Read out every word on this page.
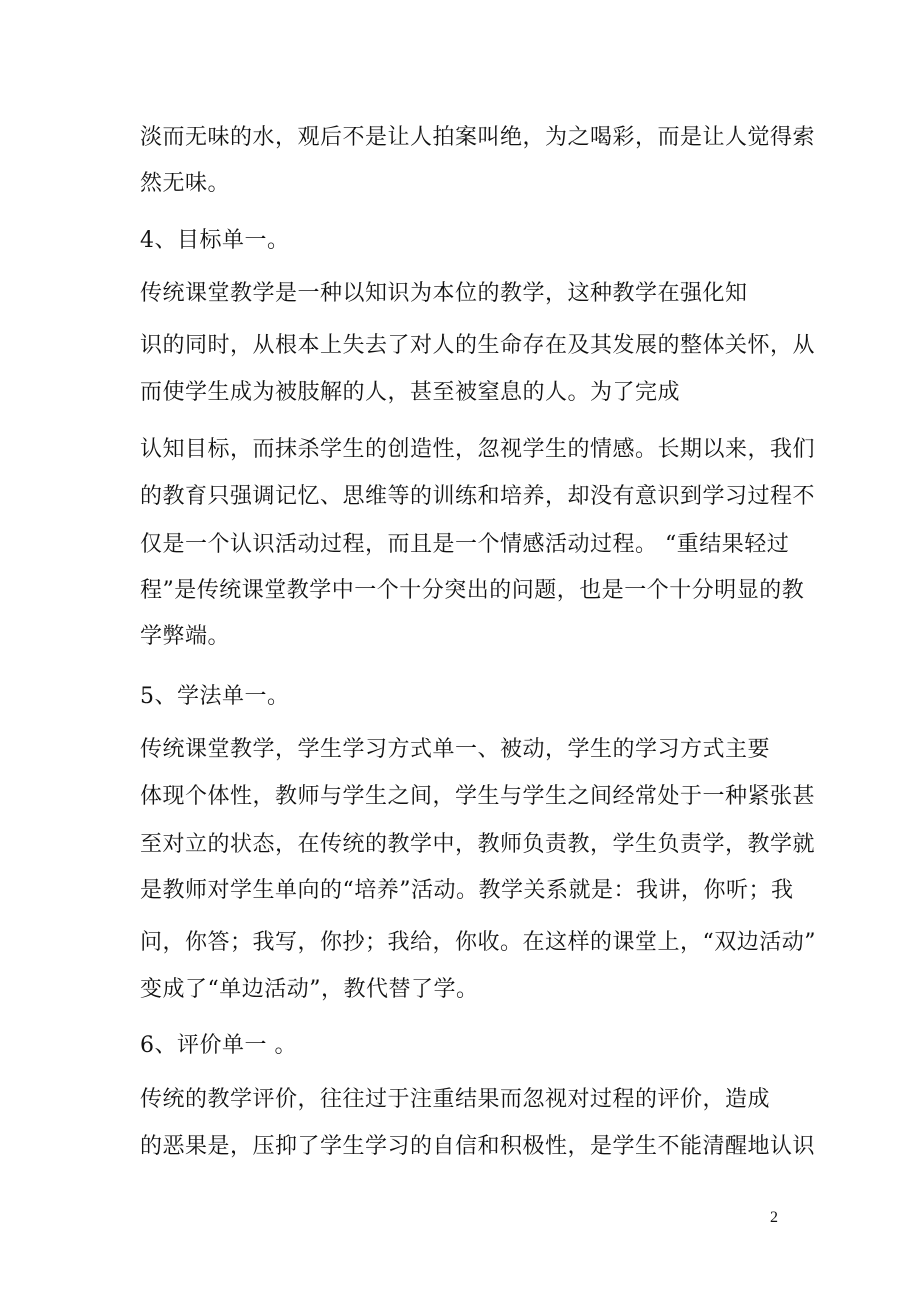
淡而无味的水，观后不是让人拍案叫绝，为之喝彩，而是让人觉得索
然无味。
4、目标单一。
传统课堂教学是一种以知识为本位的教学，这种教学在强化知
识的同时，从根本上失去了对人的生命存在及其发展的整体关怀，从
而使学生成为被肢解的人，甚至被窒息的人。为了完成
认知目标，而抹杀学生的创造性，忽视学生的情感。长期以来，我们
的教育只强调记忆、思维等的训练和培养，却没有意识到学习过程不
仅是一个认识活动过程，而且是一个情感活动过程。 “重结果轻过
程”是传统课堂教学中一个十分突出的问题，也是一个十分明显的教
学弊端。
5、学法单一。
传统课堂教学，学生学习方式单一、被动，学生的学习方式主要
体现个体性，教师与学生之间，学生与学生之间经常处于一种紧张甚
至对立的状态，在传统的教学中，教师负责教，学生负责学，教学就
是教师对学生单向的“培养”活动。教学关系就是：我讲，你听；我
问，你答；我写，你抄；我给，你收。在这样的课堂上，“双边活动”
变成了“单边活动”，教代替了学。
6、评价单一 。
传统的教学评价，往往过于注重结果而忽视对过程的评价，造成
的恶果是，压抑了学生学习的自信和积极性，是学生不能清醒地认识
2
